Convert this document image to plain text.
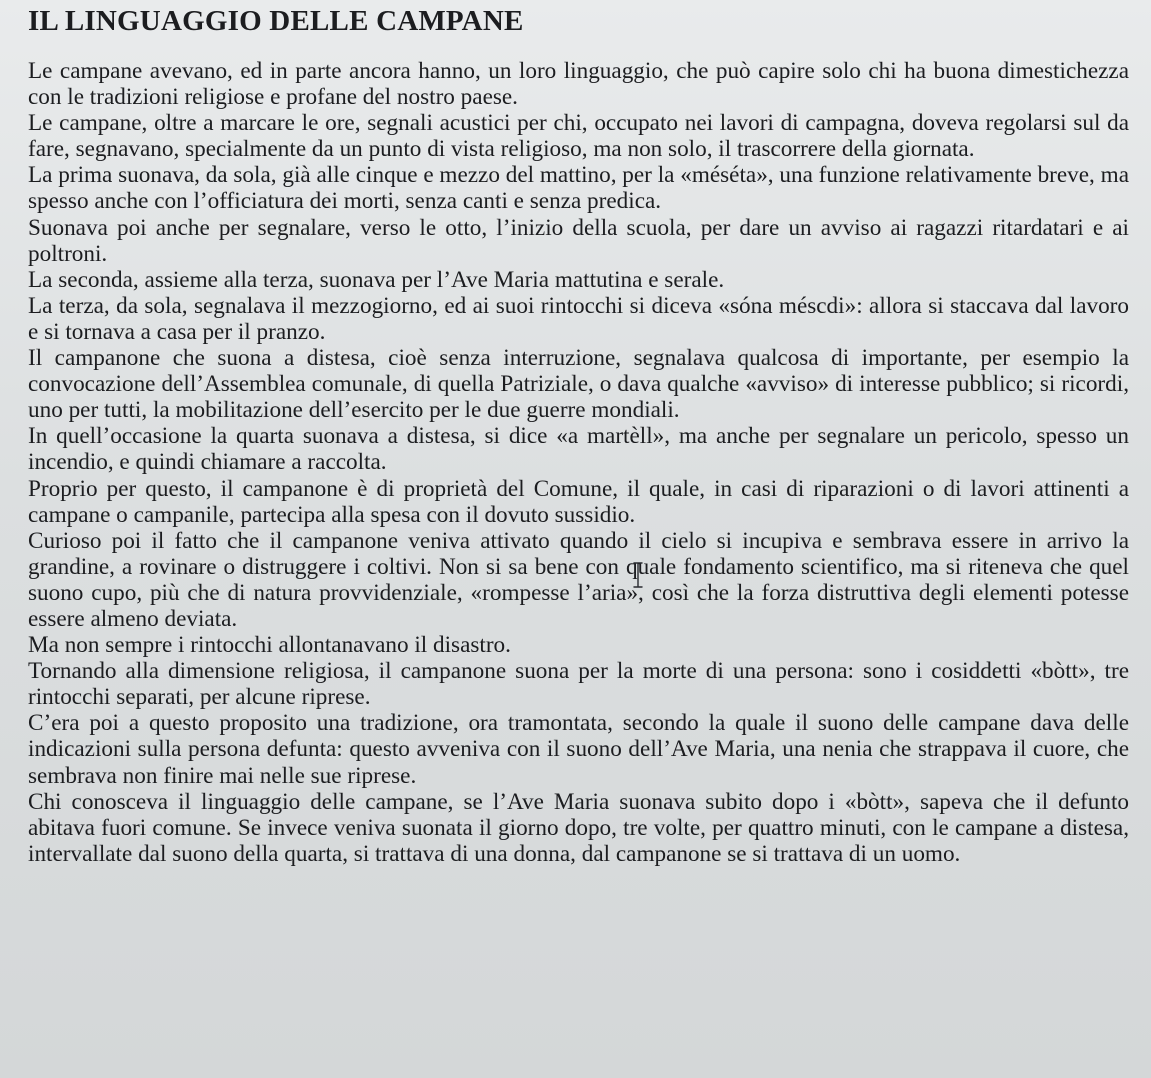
IL LINGUAGGIO DELLE CAMPANE

Le campane avevano, ed in parte ancora hanno, un loro linguaggio, che può capire solo chi ha buona dimestichezza con le tradizioni religiose e profane del nostro paese.

Le campane, oltre a marcare le ore, segnali acustici per chi, occupato nei lavori di campagna, doveva regolarsi sul da fare, segnavano, specialmente da un punto di vista religioso, ma non solo, il trascorrere della giornata.

La prima suonava, da sola, già alle cinque e mezzo del mattino, per la «méséta», una funzione relativamente breve, ma spesso anche con l’officiatura dei morti, senza canti e senza predica.

Suonava poi anche per segnalare, verso le otto, l’inizio della scuola, per dare un avviso ai ragazzi ritardatari e ai poltroni.

La seconda, assieme alla terza, suonava per l’Ave Maria mattutina e serale.

La terza, da sola, segnalava il mezzogiorno, ed ai suoi rintocchi si diceva «sóna méscdi»: allora si staccava dal lavoro e si tornava a casa per il pranzo.

Il campanone che suona a distesa, cioè senza interruzione, segnalava qualcosa di importante, per esempio la convocazione dell’Assemblea comunale, di quella Patriziale, o dava qualche «avviso» di interesse pubblico; si ricordi, uno per tutti, la mobilitazione dell’esercito per le due guerre mondiali.

In quell’occasione la quarta suonava a distesa, si dice «a martèll», ma anche per segnalare un pericolo, spesso un incendio, e quindi chiamare a raccolta.

Proprio per questo, il campanone è di proprietà del Comune, il quale, in casi di riparazioni o di lavori attinenti a campane o campanile, partecipa alla spesa con il dovuto sussidio.

Curioso poi il fatto che il campanone veniva attivato quando il cielo si incupiva e sembrava essere in arrivo la grandine, a rovinare o distruggere i coltivi. Non si sa bene con quale fondamento scientifico, ma si riteneva che quel suono cupo, più che di natura provvidenziale, «rompesse l’aria», così che la forza distruttiva degli elementi potesse essere almeno deviata.

Ma non sempre i rintocchi allontanavano il disastro.

Tornando alla dimensione religiosa, il campanone suona per la morte di una persona: sono i cosiddetti «bòtt», tre rintocchi separati, per alcune riprese.

C’era poi a questo proposito una tradizione, ora tramontata, secondo la quale il suono delle campane dava delle indicazioni sulla persona defunta: questo avveniva con il suono dell’Ave Maria, una nenia che strappava il cuore, che sembrava non finire mai nelle sue riprese.

Chi conosceva il linguaggio delle campane, se l’Ave Maria suonava subito dopo i «bòtt», sapeva che il defunto abitava fuori comune. Se invece veniva suonata il giorno dopo, tre volte, per quattro minuti, con le campane a distesa, intervallate dal suono della quarta, si trattava di una donna, dal campanone se si trattava di un uomo.
